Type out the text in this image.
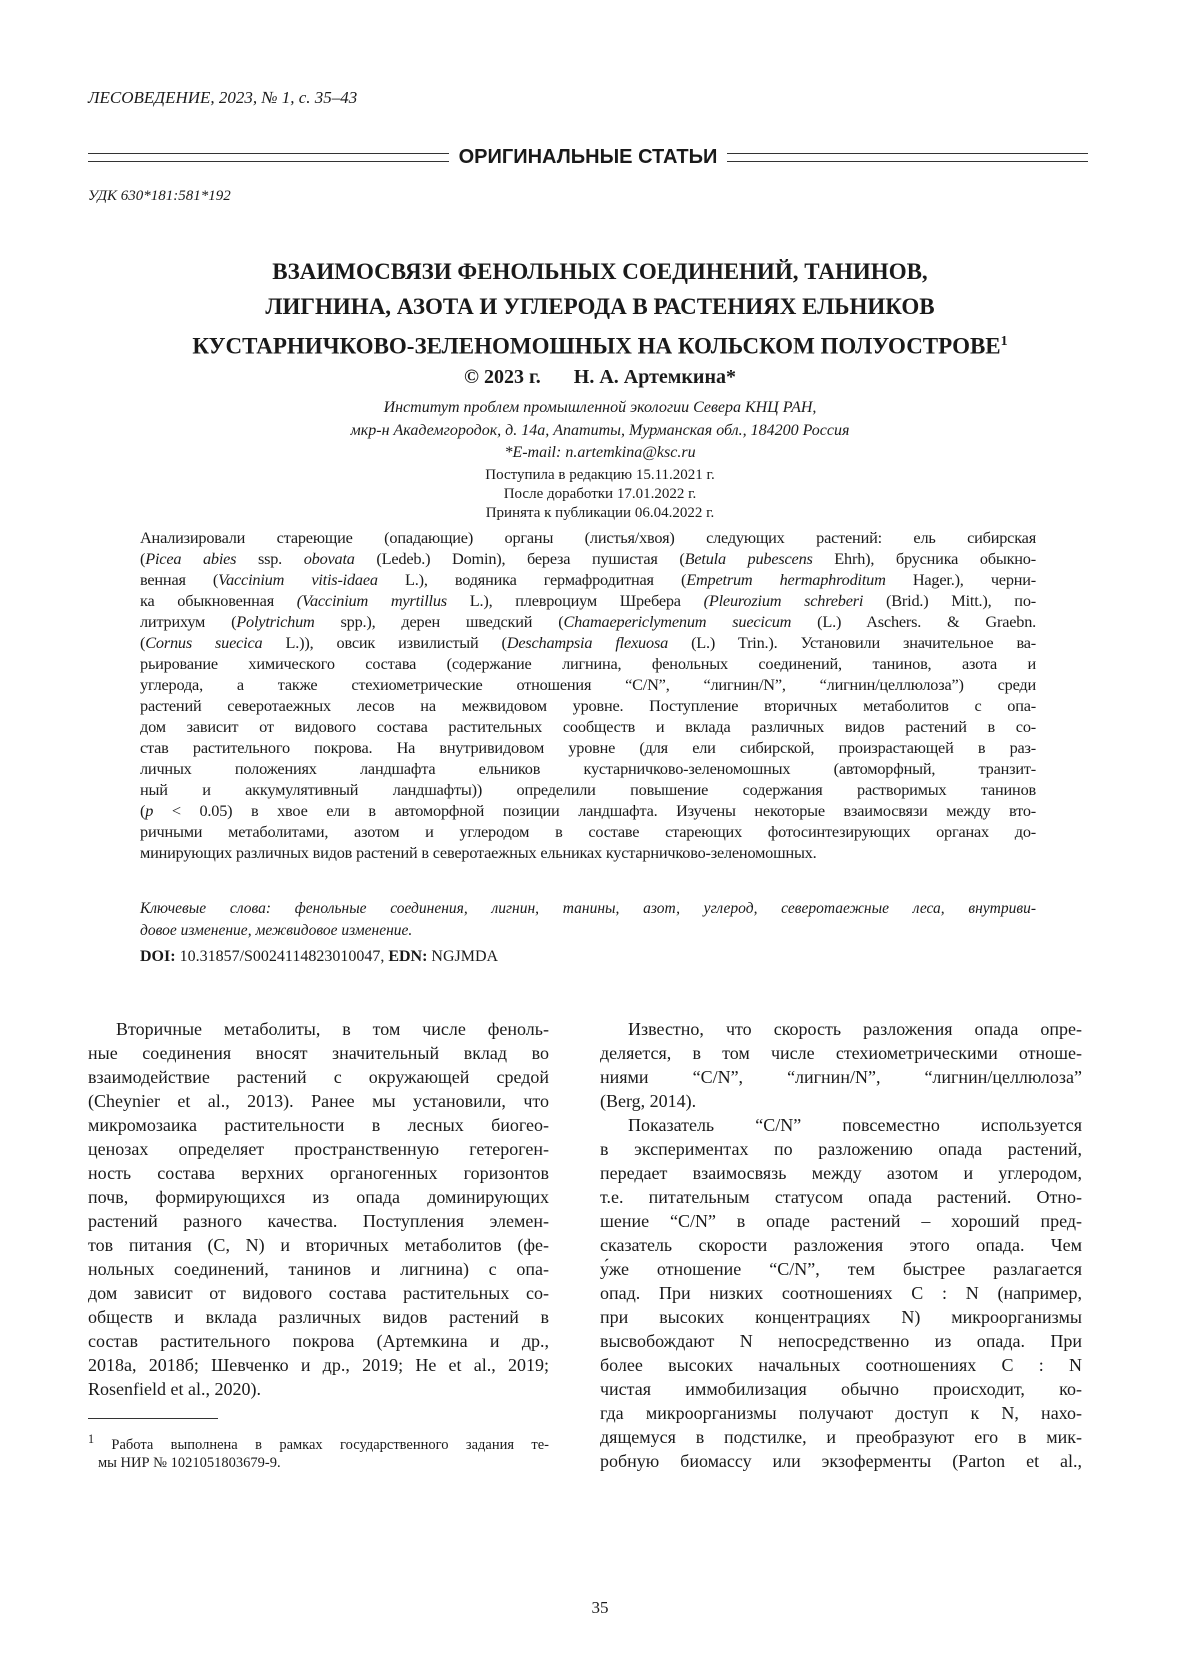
ЛЕСОВЕДЕНИЕ, 2023, № 1, с. 35–43
ОРИГИНАЛЬНЫЕ СТАТЬИ
УДК 630*181:581*192
ВЗАИМОСВЯЗИ ФЕНОЛЬНЫХ СОЕДИНЕНИЙ, ТАНИНОВ,
ЛИГНИНА, АЗОТА И УГЛЕРОДА В РАСТЕНИЯХ ЕЛЬНИКОВ
КУСТАРНИЧКОВО-ЗЕЛЕНОМОШНЫХ НА КОЛЬСКОМ ПОЛУОСТРОВЕ1
© 2023 г. Н. А. Артемкина*
Институт проблем промышленной экологии Севера КНЦ РАН,
мкр-н Академгородок, д. 14а, Апатиты, Мурманская обл., 184200 Россия
*E-mail: n.artemkina@ksc.ru
Поступила в редакцию 15.11.2021 г.
После доработки 17.01.2022 г.
Принята к публикации 06.04.2022 г.
Анализировали стареющие (опадающие) органы (листья/хвоя) следующих растений: ель сибирская
(Picea abies ssp. obovata (Ledeb.) Domin), береза пушистая (Betula pubescens Ehrh), брусника обыкно-
венная (Vaccinium vitis-idaea L.), водяника гермафродитная (Empetrum hermaphroditum Hager.), черни-
ка обыкновенная (Vaccinium myrtillus L.), плевроциум Шребера (Pleurozium schreberi (Brid.) Mitt.), по-
литрихум (Polytrichum spp.), дерен шведский (Chamaepericlymenum suecicum (L.) Aschers. & Graebn.
(Cornus suecica L.)), овсик извилистый (Deschampsia flexuosa (L.) Trin.). Установили значительное ва-
рьирование химического состава (содержание лигнина, фенольных соединений, танинов, азота и
углерода, а также стехиометрические отношения “C/N”, “лигнин/N”, “лигнин/целлюлоза”) среди
растений северотаежных лесов на межвидовом уровне. Поступление вторичных метаболитов с опа-
дом зависит от видового состава растительных сообществ и вклада различных видов растений в со-
став растительного покрова. На внутривидовом уровне (для ели сибирской, произрастающей в раз-
личных положениях ландшафта ельников кустарничково-зеленомошных (автоморфный, транзит-
ный и аккумулятивный ландшафты)) определили повышение содержания растворимых танинов
(p < 0.05) в хвое ели в автоморфной позиции ландшафта. Изучены некоторые взаимосвязи между вто-
ричными метаболитами, азотом и углеродом в составе стареющих фотосинтезирующих органах до-
минирующих различных видов растений в северотаежных ельниках кустарничково-зеленомошных.
Ключевые слова: фенольные соединения, лигнин, танины, азот, углерод, северотаежные леса, внутриви-
довое изменение, межвидовое изменение.
DOI: 10.31857/S0024114823010047, EDN: NGJMDA
Вторичные метаболиты, в том числе феноль-
ные соединения вносят значительный вклад во
взаимодействие растений с окружающей средой
(Cheynier et al., 2013). Ранее мы установили, что
микромозаика растительности в лесных биогео-
ценозах определяет пространственную гетероген-
ность состава верхних органогенных горизонтов
почв, формирующихся из опада доминирующих
растений разного качества. Поступления элемен-
тов питания (C, N) и вторичных метаболитов (фе-
нольных соединений, танинов и лигнина) с опа-
дом зависит от видового состава растительных со-
обществ и вклада различных видов растений в
состав растительного покрова (Артемкина и др.,
2018а, 2018б; Шевченко и др., 2019; He et al., 2019;
Rosenfield et al., 2020).
Известно, что скорость разложения опада опре-
деляется, в том числе стехиометрическими отноше-
ниями “C/N”, “лигнин/N”, “лигнин/целлюлоза”
(Berg, 2014).
Показатель “C/N” повсеместно используется
в экспериментах по разложению опада растений,
передает взаимосвязь между азотом и углеродом,
т.е. питательным статусом опада растений. Отно-
шение “C/N” в опаде растений – хороший пред-
сказатель скорости разложения этого опада. Чем
у́же отношение “C/N”, тем быстрее разлагается
опад. При низких соотношениях C : N (например,
при высоких концентрациях N) микроорганизмы
высвобождают N непосредственно из опада. При
более высоких начальных соотношениях C : N
чистая иммобилизация обычно происходит, ко-
гда микроорганизмы получают доступ к N, нахо-
дящемуся в подстилке, и преобразуют его в мик-
робную биомассу или экзоферменты (Parton et al.,
1 Работа выполнена в рамках государственного задания те-
мы НИР № 1021051803679-9.
35
